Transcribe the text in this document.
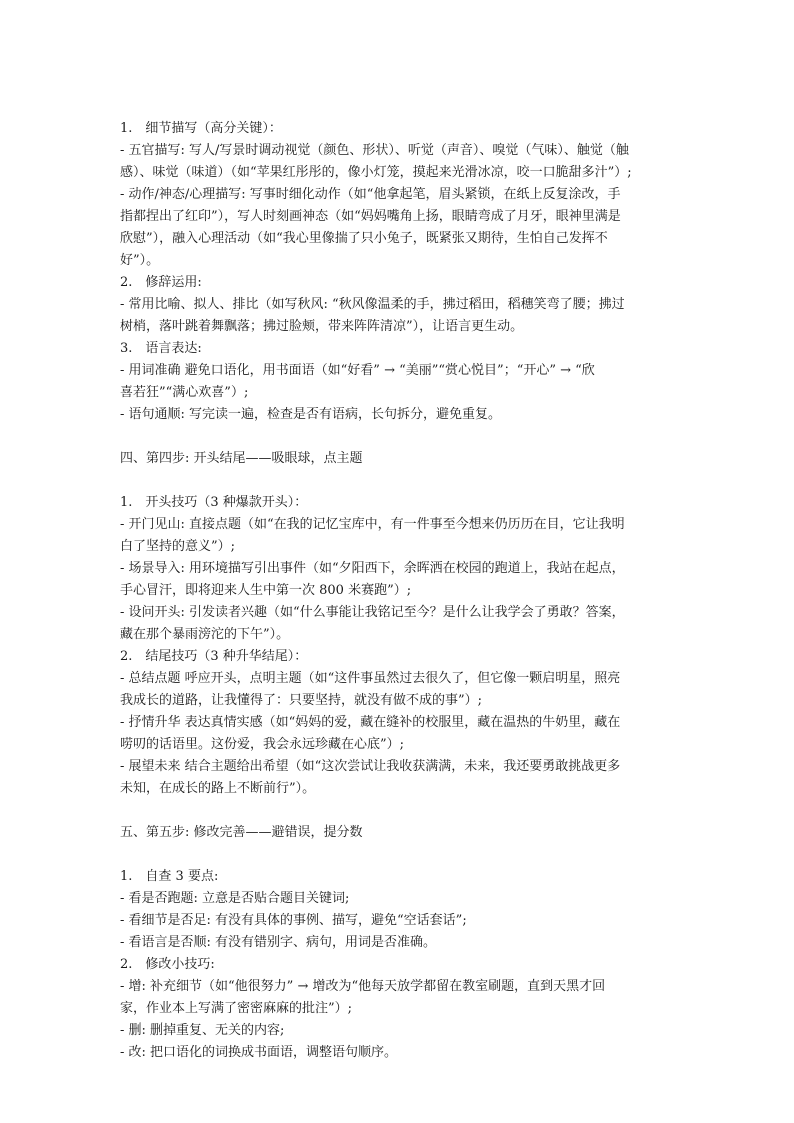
1.　细节描写（高分关键）：
- 五官描写: 写人/写景时调动视觉（颜色、形状）、听觉（声音）、嗅觉（气味）、触觉（触
感）、味觉（味道）（如“苹果红彤彤的，像小灯笼，摸起来光滑冰凉，咬一口脆甜多汁”）;
- 动作/神态/心理描写: 写事时细化动作（如“他拿起笔，眉头紧锁，在纸上反复涂改，手
指都捏出了红印”），写人时刻画神态（如“妈妈嘴角上扬，眼睛弯成了月牙，眼神里满是
欣慰”），融入心理活动（如“我心里像揣了只小兔子，既紧张又期待，生怕自己发挥不
好”）。
2.　修辞运用:
- 常用比喻、拟人、排比（如写秋风: “秋风像温柔的手，拂过稻田，稻穗笑弯了腰；拂过
树梢，落叶跳着舞飘落；拂过脸颊，带来阵阵清凉”），让语言更生动。
3.　语言表达:
- 用词准确 避免口语化，用书面语（如“好看” → “美丽”“赏心悦目”；“开心” → “欣
喜若狂”“满心欢喜”）;
- 语句通顺: 写完读一遍，检查是否有语病，长句拆分，避免重复。
四、第四步: 开头结尾——吸眼球，点主题
1.　开头技巧（3 种爆款开头）：
- 开门见山: 直接点题（如“在我的记忆宝库中，有一件事至今想来仍历历在目，它让我明
白了坚持的意义”）;
- 场景导入: 用环境描写引出事件（如“夕阳西下，余晖洒在校园的跑道上，我站在起点，
手心冒汗，即将迎来人生中第一次 800 米赛跑”）;
- 设问开头: 引发读者兴趣（如“什么事能让我铭记至今？是什么让我学会了勇敢？答案，
藏在那个暴雨滂沱的下午”）。
2.　结尾技巧（3 种升华结尾）：
- 总结点题 呼应开头，点明主题（如“这件事虽然过去很久了，但它像一颗启明星，照亮
我成长的道路，让我懂得了：只要坚持，就没有做不成的事”）;
- 抒情升华 表达真情实感（如“妈妈的爱，藏在缝补的校服里，藏在温热的牛奶里，藏在
唠叨的话语里。这份爱，我会永远珍藏在心底”）;
- 展望未来 结合主题给出希望（如“这次尝试让我收获满满，未来，我还要勇敢挑战更多
未知，在成长的路上不断前行”）。
五、第五步: 修改完善——避错误，提分数
1.　自查 3 要点:
- 看是否跑题: 立意是否贴合题目关键词;
- 看细节是否足: 有没有具体的事例、描写，避免“空话套话”;
- 看语言是否顺: 有没有错别字、病句，用词是否准确。
2.　修改小技巧:
- 增: 补充细节（如“他很努力” → 增改为“他每天放学都留在教室刷题，直到天黑才回
家，作业本上写满了密密麻麻的批注”）;
- 删: 删掉重复、无关的内容;
- 改: 把口语化的词换成书面语，调整语句顺序。
